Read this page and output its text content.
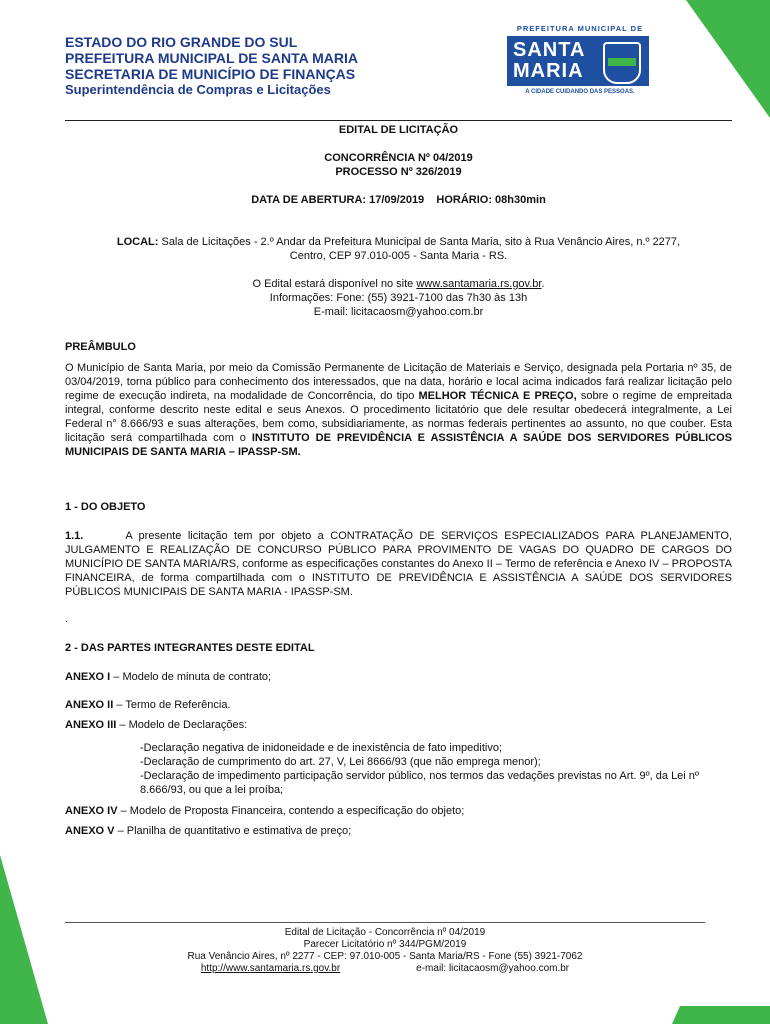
ESTADO DO RIO GRANDE DO SUL
PREFEITURA MUNICIPAL DE SANTA MARIA
SECRETARIA DE MUNICÍPIO DE FINANÇAS
Superintendência de Compras e Licitações
PREFEITURA MUNICIPAL DE
SANTA
MARIA
A CIDADE CUIDANDO DAS PESSOAS.
EDITAL DE LICITAÇÃO
CONCORRÊNCIA Nº 04/2019
PROCESSO Nº 326/2019
DATA DE ABERTURA: 17/09/2019    HORÁRIO: 08h30min
LOCAL: Sala de Licitações - 2.º Andar da Prefeitura Municipal de Santa Maria, sito à Rua Venâncio Aires, n.º 2277,
Centro, CEP 97.010-005 - Santa Maria - RS.
O Edital estará disponível no site www.santamaria.rs.gov.br.
Informações: Fone: (55) 3921-7100 das 7h30 às 13h
E-mail: licitacaosm@yahoo.com.br
PREÂMBULO
O Município de Santa Maria, por meio da Comissão Permanente de Licitação de Materiais e Serviço, designada pela Portaria nº 35, de 03/04/2019, torna público para conhecimento dos interessados, que na data, horário e local acima indicados fará realizar licitação pelo regime de execução indireta, na modalidade de Concorrência, do tipo MELHOR TÉCNICA E PREÇO, sobre o regime de empreitada integral, conforme descrito neste edital e seus Anexos. O procedimento licitatório que dele resultar obedecerá integralmente, a Lei Federal n° 8.666/93 e suas alterações, bem como, subsidiariamente, as normas federais pertinentes ao assunto, no que couber. Esta licitação será compartilhada com o INSTITUTO DE PREVIDÊNCIA E ASSISTÊNCIA A SAÚDE DOS SERVIDORES PÚBLICOS MUNICIPAIS DE SANTA MARIA – IPASSP-SM.
1 - DO OBJETO
1.1.	A presente licitação tem por objeto a CONTRATAÇÃO DE SERVIÇOS ESPECIALIZADOS PARA PLANEJAMENTO, JULGAMENTO E REALIZAÇÃO DE CONCURSO PÚBLICO PARA PROVIMENTO DE VAGAS DO QUADRO DE CARGOS DO MUNICÍPIO DE SANTA MARIA/RS, conforme as especificações constantes do Anexo II – Termo de referência e Anexo IV – PROPOSTA FINANCEIRA, de forma compartilhada com o INSTITUTO DE PREVIDÊNCIA E ASSISTÊNCIA A SAÚDE DOS SERVIDORES PÚBLICOS MUNICIPAIS DE SANTA MARIA - IPASSP-SM.
.
2 - DAS PARTES INTEGRANTES DESTE EDITAL
ANEXO I – Modelo de minuta de contrato;
ANEXO II – Termo de Referência.
ANEXO III – Modelo de Declarações:
-Declaração negativa de inidoneidade e de inexistência de fato impeditivo;
-Declaração de cumprimento do art. 27, V, Lei 8666/93 (que não emprega menor);
-Declaração de impedimento participação servidor público, nos termos das vedações previstas no Art. 9º, da Lei nº 8.666/93, ou que a lei proíba;
ANEXO IV – Modelo de Proposta Financeira, contendo a especificação do objeto;
ANEXO V – Planilha de quantitativo e estimativa de preço;
Edital de Licitação - Concorrência nº 04/2019
Parecer Licitatório nº 344/PGM/2019
Rua Venâncio Aires, nº 2277 - CEP: 97.010-005 - Santa Maria/RS - Fone (55) 3921-7062
http://www.santamaria.rs.gov.br	e-mail: licitacaosm@yahoo.com.br
